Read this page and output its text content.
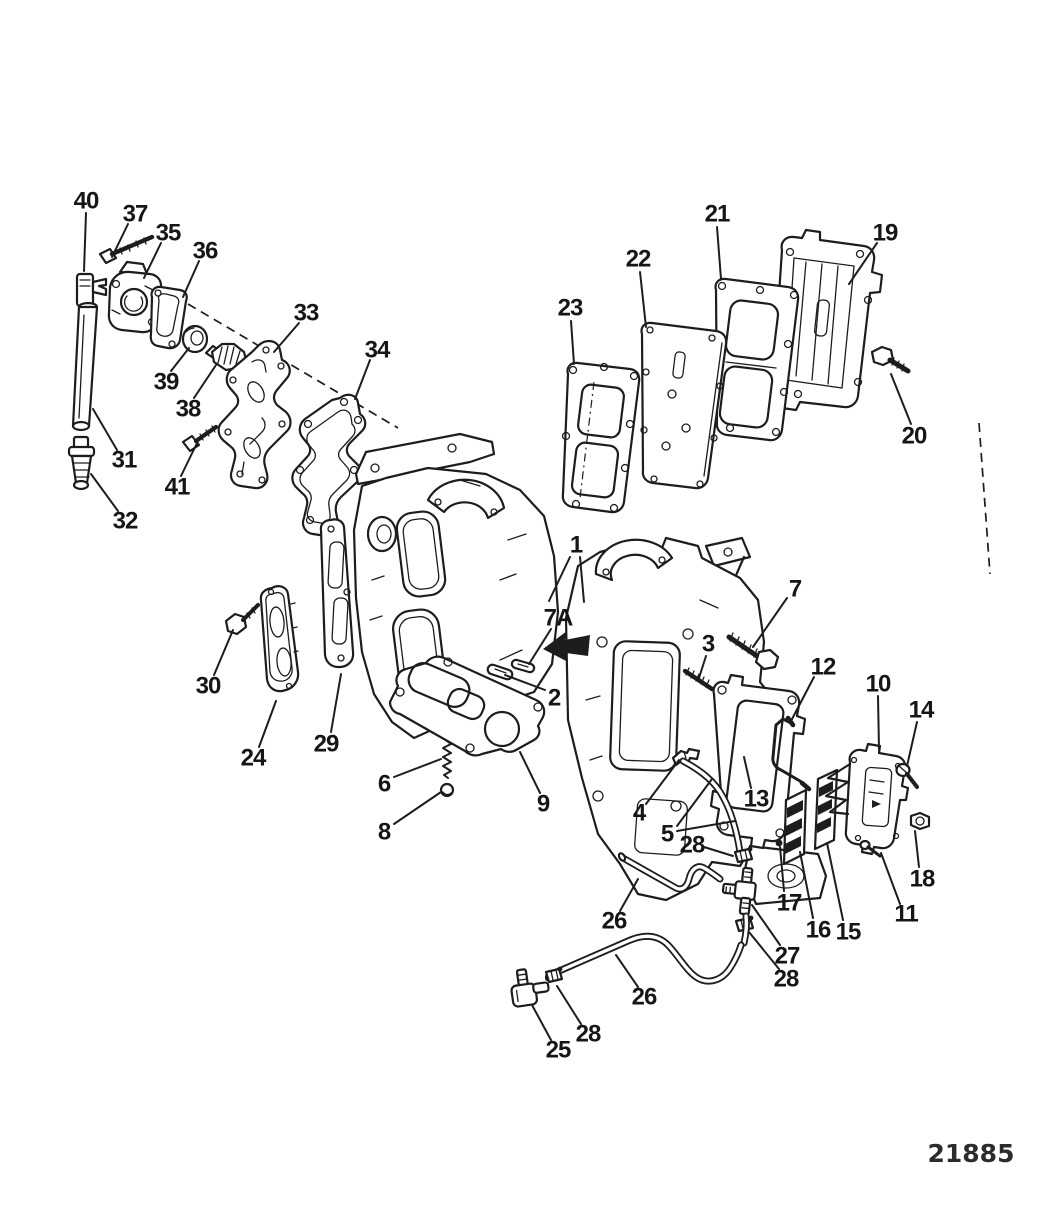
1
2
3
4
5
6
7
7A
8
9
10
11
12
13
14
15
16
17
18
19
20
21
22
23
24
25
26
26
27
28
28
28
29
30
31
32
33
34
35
36
37
38
39
40
41
21885
